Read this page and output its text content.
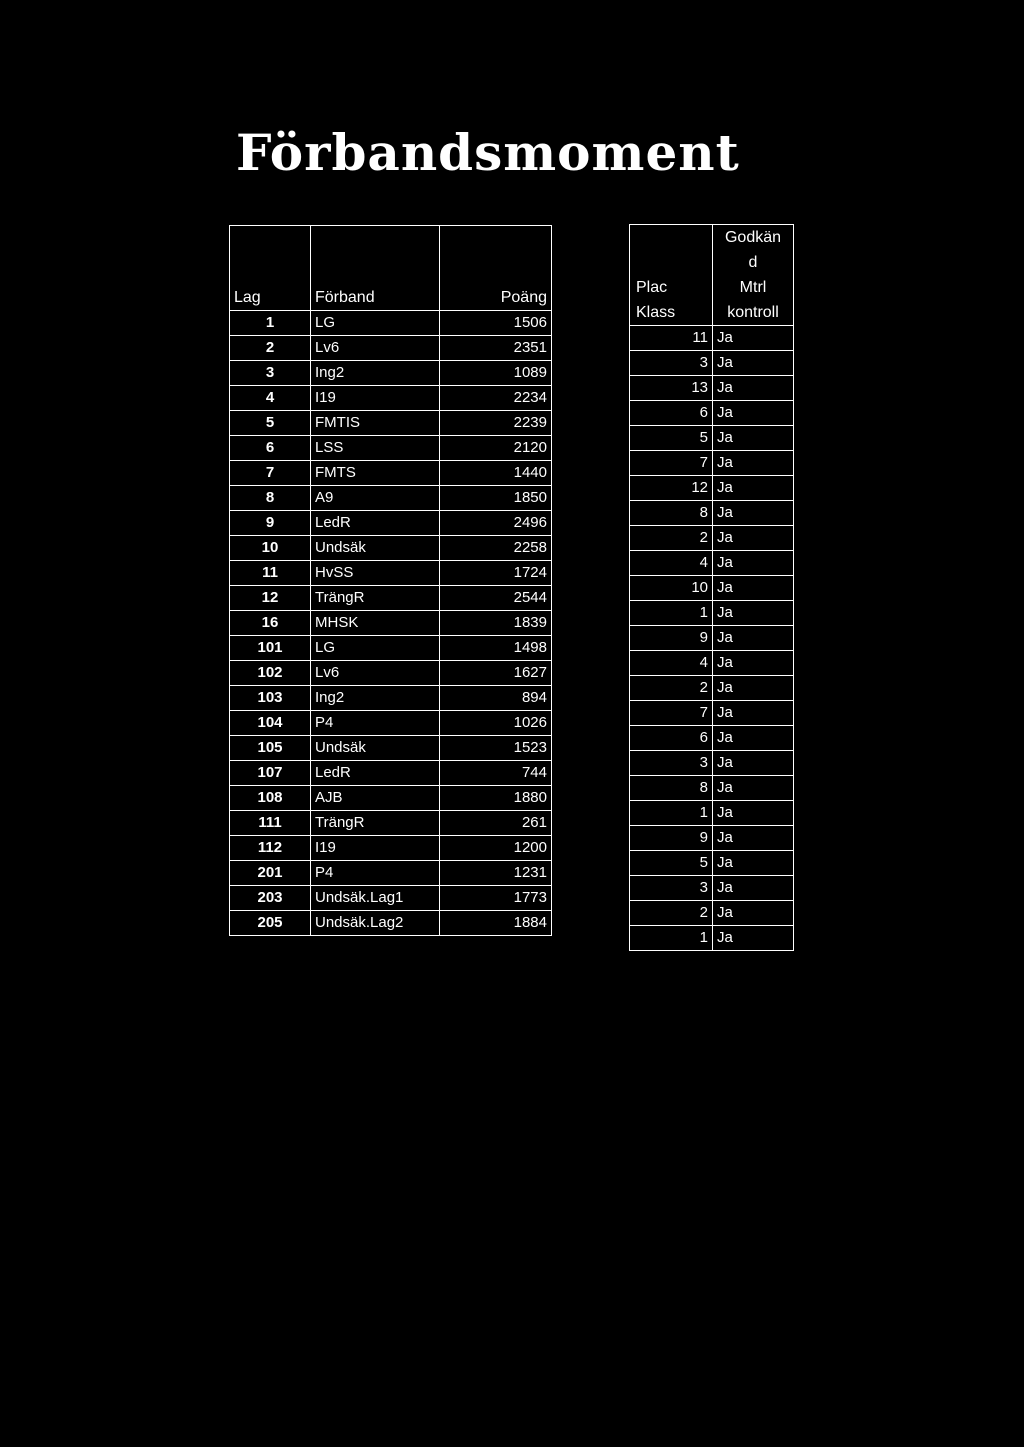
Förbandsmoment
Lag	Förband	Poäng
1	LG	1506
2	Lv6	2351
3	Ing2	1089
4	I19	2234
5	FMTIS	2239
6	LSS	2120
7	FMTS	1440
8	A9	1850
9	LedR	2496
10	Undsäk	2258
11	HvSS	1724
12	TrängR	2544
16	MHSK	1839
101	LG	1498
102	Lv6	1627
103	Ing2	894
104	P4	1026
105	Undsäk	1523
107	LedR	744
108	AJB	1880
111	TrängR	261
112	I19	1200
201	P4	1231
203	Undsäk.Lag1	1773
205	Undsäk.Lag2	1884
Plac
Klass	Godkän
d
Mtrl
kontroll

11	Ja
3	Ja
13	Ja
6	Ja
5	Ja
7	Ja
12	Ja
8	Ja
2	Ja
4	Ja
10	Ja
1	Ja
9	Ja
4	Ja
2	Ja
7	Ja
6	Ja
3	Ja
8	Ja
1	Ja
9	Ja
5	Ja
3	Ja
2	Ja
1	Ja
